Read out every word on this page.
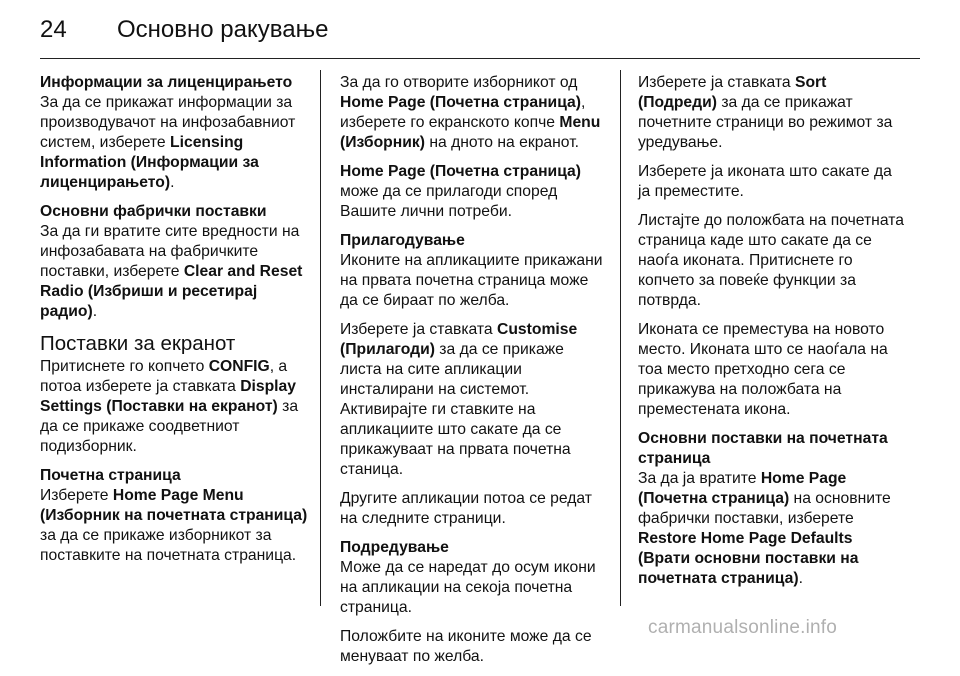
24 Основно ракување
Информации за лиценцирањето

За да се прикажат информации за производувачот на инфозабавниот систем, изберете Licensing Information (Информации за лиценцирањето).

Основни фабрички поставки

За да ги вратите сите вредности на инфозабавата на фабричките поставки, изберете Clear and Reset Radio (Избриши и ресетирај радио).

Поставки за екранот

Притиснете го копчето CONFIG, а потоа изберете ја ставката Display Settings (Поставки на екранот) за да се прикаже соодветниот подизборник.

Почетна страница

Изберете Home Page Menu (Изборник на почетната страница) за да се прикаже изборникот за поставките на почетната страница.

За да го отворите изборникот од Home Page (Почетна страница), изберете го екранското копче Menu (Изборник) на дното на екранот.

Home Page (Почетна страница) може да се прилагоди според Вашите лични потреби.

Прилагодување

Иконите на апликациите прикажани на првата почетна страница може да се бираат по желба.

Изберете ја ставката Customise (Прилагоди) за да се прикаже листа на сите апликации инсталирани на системот. Активирајте ги ставките на апликациите што сакате да се прикажуваат на првата почетна станица.

Другите апликации потоа се редат на следните страници.

Подредување

Може да се наредат до осум икони на апликации на секоја почетна страница.

Положбите на иконите може да се менуваат по желба.

Изберете ја ставката Sort (Подреди) за да се прикажат почетните страници во режимот за уредување.

Изберете ја иконата што сакате да ја преместите.

Листајте до положбата на почетната страница каде што сакате да се наоѓа иконата. Притиснете го копчето за повеќе функции за потврда.

Иконата се преместува на новото место. Иконата што се наоѓала на тоа место претходно сега се прикажува на положбата на преместената икона.

Основни поставки на почетната страница

За да ја вратите Home Page (Почетна страница) на основните фабрички поставки, изберете Restore Home Page Defaults (Врати основни поставки на почетната страница).

carmanualsonline.info
